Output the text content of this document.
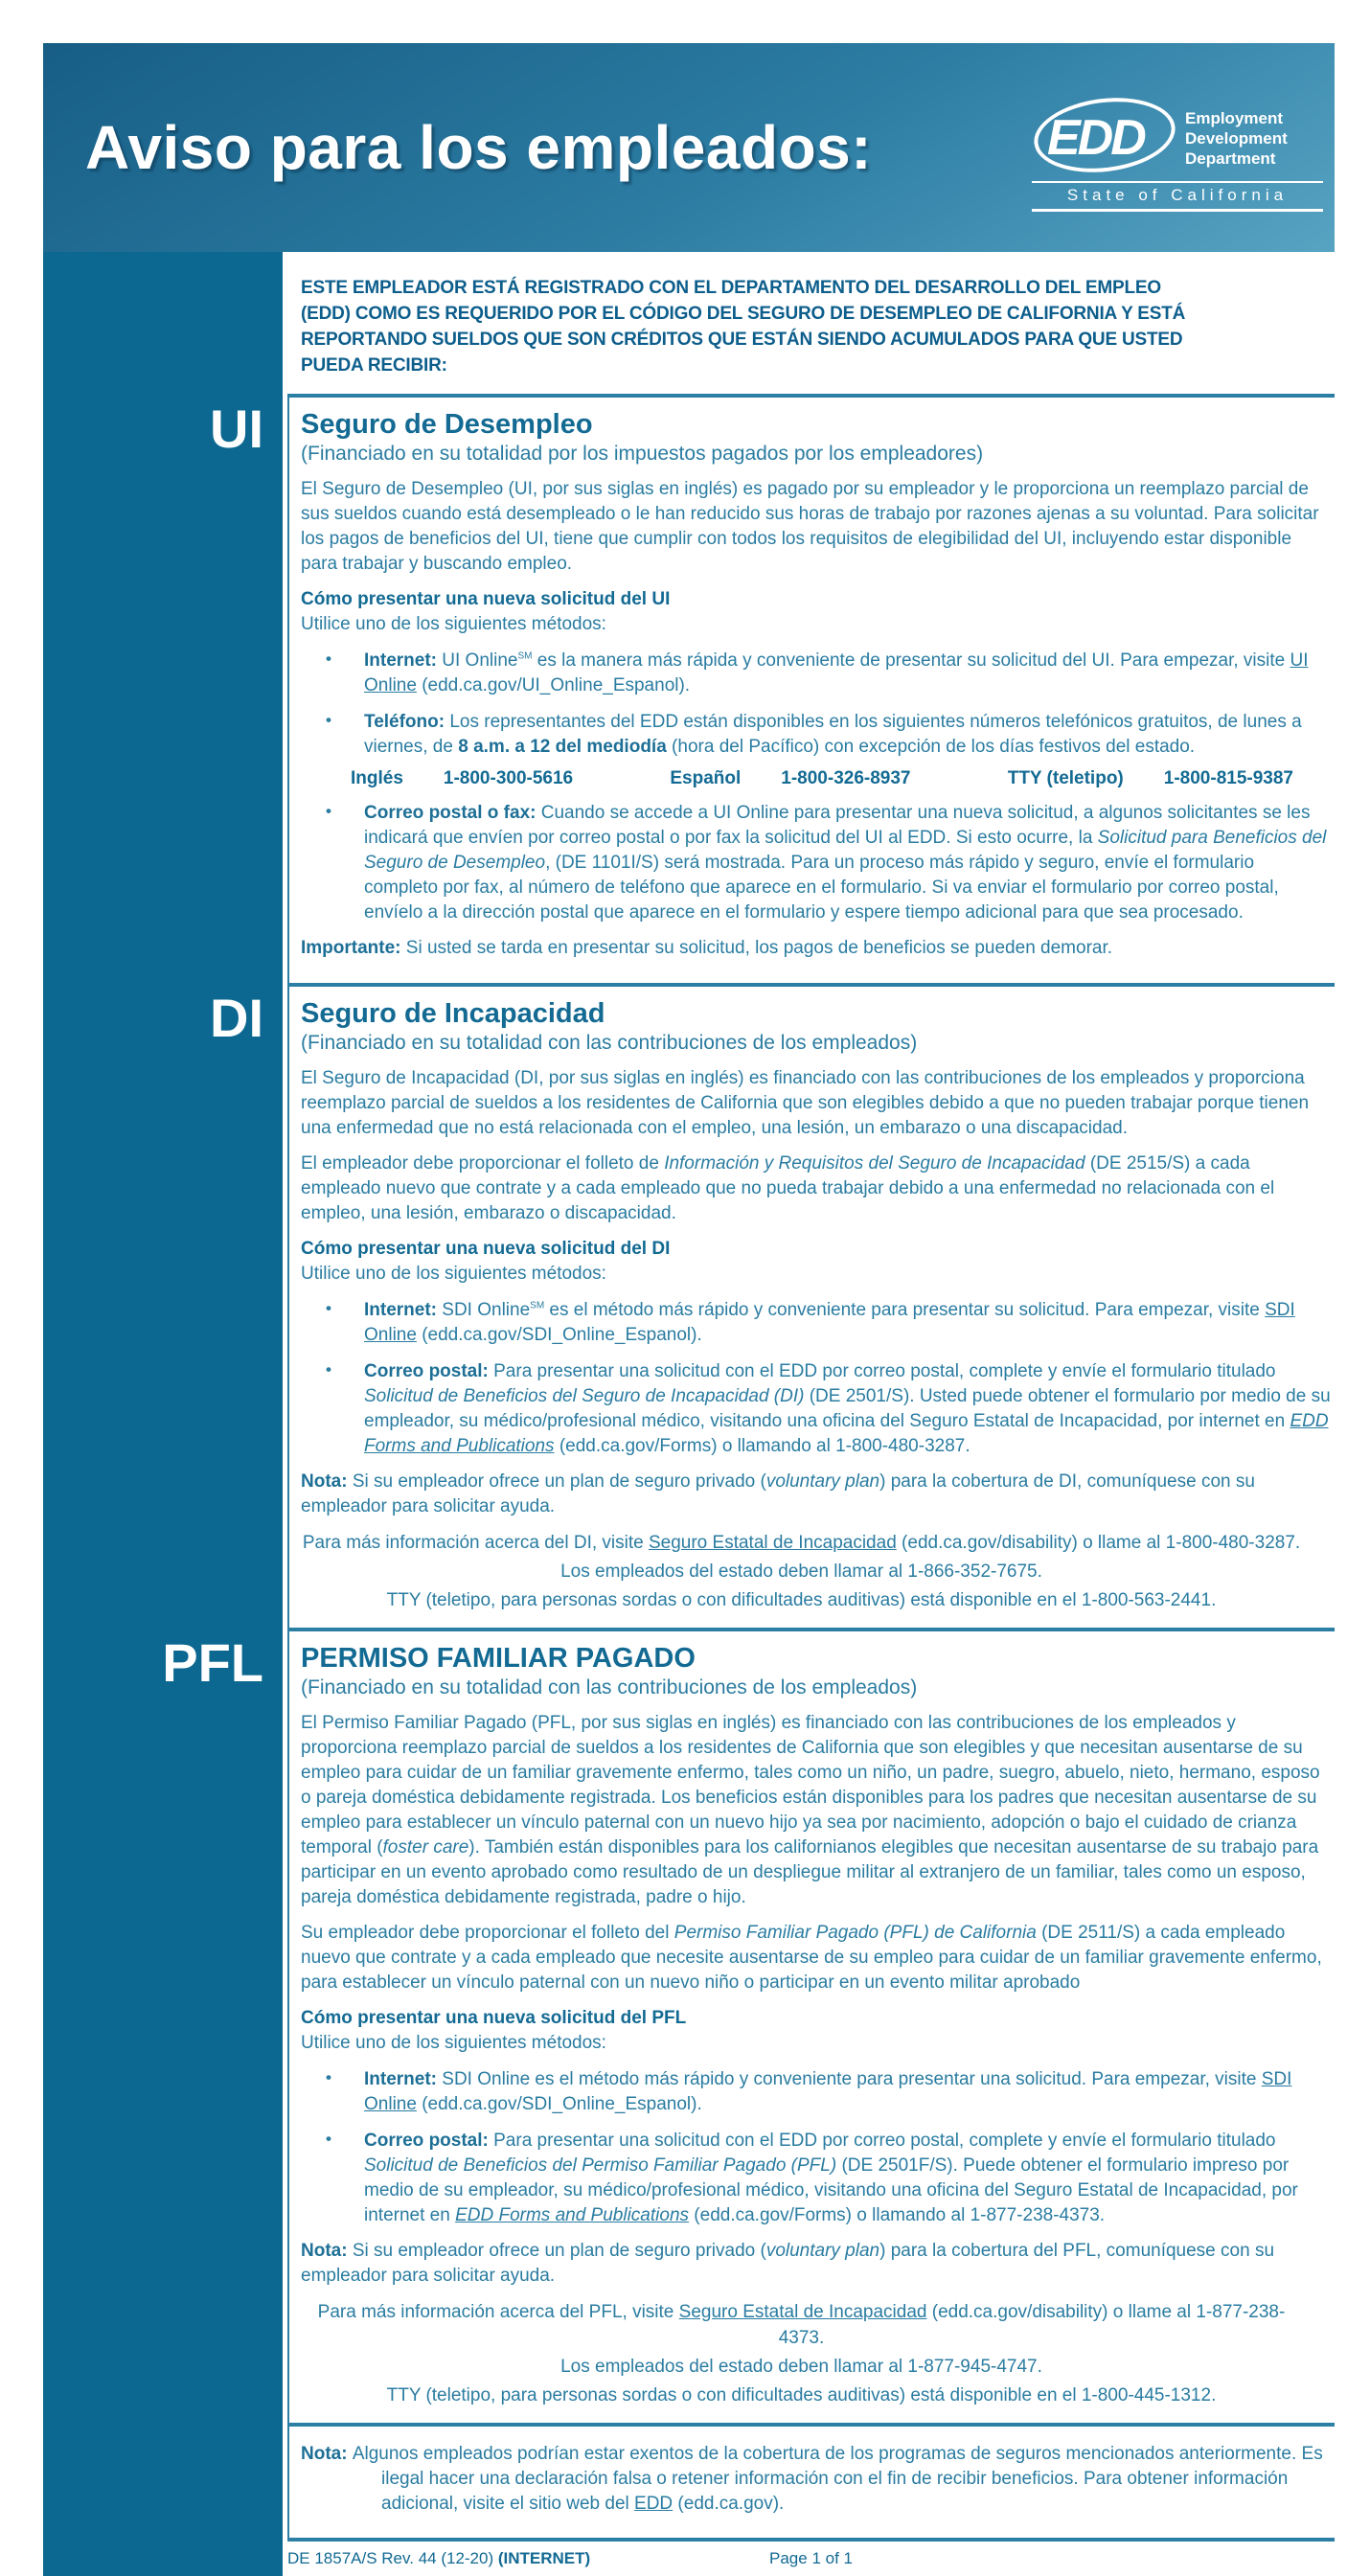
Aviso para los empleados:	EDD	Employment
Development
Department
State of California
ESTE EMPLEADOR ESTÁ REGISTRADO CON EL DEPARTAMENTO DEL DESARROLLO DEL EMPLEO (EDD) COMO ES REQUERIDO POR EL CÓDIGO DEL SEGURO DE DESEMPLEO DE CALIFORNIA Y ESTÁ REPORTANDO SUELDOS QUE SON CRÉDITOS QUE ESTÁN SIENDO ACUMULADOS PARA QUE USTED PUEDA RECIBIR:
UI Seguro de Desempleo
(Financiado en su totalidad por los impuestos pagados por los empleadores)
El Seguro de Desempleo (UI, por sus siglas en inglés) es pagado por su empleador y le proporciona un reemplazo parcial de sus sueldos cuando está desempleado o le han reducido sus horas de trabajo por razones ajenas a su voluntad. Para solicitar los pagos de beneficios del UI, tiene que cumplir con todos los requisitos de elegibilidad del UI, incluyendo estar disponible para trabajar y buscando empleo.
Cómo presentar una nueva solicitud del UI
Utilice uno de los siguientes métodos:
•	Internet: UI Online℠ es la manera más rápida y conveniente de presentar su solicitud del UI. Para empezar, visite UI Online (edd.ca.gov/UI_Online_Espanol).
•	Teléfono: Los representantes del EDD están disponibles en los siguientes números telefónicos gratuitos, de lunes a viernes, de 8 a.m. a 12 del mediodía (hora del Pacífico) con excepción de los días festivos del estado.
Inglés 1-800-300-5616	Español 1-800-326-8937	TTY (teletipo) 1-800-815-9387
•	Correo postal o fax: Cuando se accede a UI Online para presentar una nueva solicitud, a algunos solicitantes se les indicará que envíen por correo postal o por fax la solicitud del UI al EDD. Si esto ocurre, la Solicitud para Beneficios del Seguro de Desempleo, (DE 1101I/S) será mostrada. Para un proceso más rápido y seguro, envíe el formulario completo por fax, al número de teléfono que aparece en el formulario. Si va enviar el formulario por correo postal, envíelo a la dirección postal que aparece en el formulario y espere tiempo adicional para que sea procesado.
Importante: Si usted se tarda en presentar su solicitud, los pagos de beneficios se pueden demorar.
DI Seguro de Incapacidad
(Financiado en su totalidad con las contribuciones de los empleados)
El Seguro de Incapacidad (DI, por sus siglas en inglés) es financiado con las contribuciones de los empleados y proporciona reemplazo parcial de sueldos a los residentes de California que son elegibles debido a que no pueden trabajar porque tienen una enfermedad que no está relacionada con el empleo, una lesión, un embarazo o una discapacidad.
El empleador debe proporcionar el folleto de Información y Requisitos del Seguro de Incapacidad (DE 2515/S) a cada empleado nuevo que contrate y a cada empleado que no pueda trabajar debido a una enfermedad no relacionada con el empleo, una lesión, embarazo o discapacidad.
Cómo presentar una nueva solicitud del DI
Utilice uno de los siguientes métodos:
•	Internet: SDI Online℠ es el método más rápido y conveniente para presentar su solicitud. Para empezar, visite SDI Online (edd.ca.gov/SDI_Online_Espanol).
•	Correo postal: Para presentar una solicitud con el EDD por correo postal, complete y envíe el formulario titulado Solicitud de Beneficios del Seguro de Incapacidad (DI) (DE 2501/S). Usted puede obtener el formulario por medio de su empleador, su médico/profesional médico, visitando una oficina del Seguro Estatal de Incapacidad, por internet en EDD Forms and Publications (edd.ca.gov/Forms) o llamando al 1-800-480-3287.
Nota: Si su empleador ofrece un plan de seguro privado (voluntary plan) para la cobertura de DI, comuníquese con su empleador para solicitar ayuda.
Para más información acerca del DI, visite Seguro Estatal de Incapacidad (edd.ca.gov/disability) o llame al 1-800-480-3287.
Los empleados del estado deben llamar al 1-866-352-7675.
TTY (teletipo, para personas sordas o con dificultades auditivas) está disponible en el 1-800-563-2441.
PFL PERMISO FAMILIAR PAGADO
(Financiado en su totalidad con las contribuciones de los empleados)
El Permiso Familiar Pagado (PFL, por sus siglas en inglés) es financiado con las contribuciones de los empleados y proporciona reemplazo parcial de sueldos a los residentes de California que son elegibles y que necesitan ausentarse de su empleo para cuidar de un familiar gravemente enfermo, tales como un niño, un padre, suegro, abuelo, nieto, hermano, esposo o pareja doméstica debidamente registrada. Los beneficios están disponibles para los padres que necesitan ausentarse de su empleo para establecer un vínculo paternal con un nuevo hijo ya sea por nacimiento, adopción o bajo el cuidado de crianza temporal (foster care). También están disponibles para los californianos elegibles que necesitan ausentarse de su trabajo para participar en un evento aprobado como resultado de un despliegue militar al extranjero de un familiar, tales como un esposo, pareja doméstica debidamente registrada, padre o hijo.
Su empleador debe proporcionar el folleto del Permiso Familiar Pagado (PFL) de California (DE 2511/S) a cada empleado nuevo que contrate y a cada empleado que necesite ausentarse de su empleo para cuidar de un familiar gravemente enfermo, para establecer un vínculo paternal con un nuevo niño o participar en un evento militar aprobado
Cómo presentar una nueva solicitud del PFL
Utilice uno de los siguientes métodos:
•	Internet: SDI Online es el método más rápido y conveniente para presentar una solicitud. Para empezar, visite SDI Online (edd.ca.gov/SDI_Online_Espanol).
•	Correo postal: Para presentar una solicitud con el EDD por correo postal, complete y envíe el formulario titulado Solicitud de Beneficios del Permiso Familiar Pagado (PFL) (DE 2501F/S). Puede obtener el formulario impreso por medio de su empleador, su médico/profesional médico, visitando una oficina del Seguro Estatal de Incapacidad, por internet en EDD Forms and Publications (edd.ca.gov/Forms) o llamando al 1-877-238-4373.
Nota: Si su empleador ofrece un plan de seguro privado (voluntary plan) para la cobertura del PFL, comuníquese con su empleador para solicitar ayuda.
Para más información acerca del PFL, visite Seguro Estatal de Incapacidad (edd.ca.gov/disability) o llame al 1-877-238-4373.
Los empleados del estado deben llamar al 1-877-945-4747.
TTY (teletipo, para personas sordas o con dificultades auditivas) está disponible en el 1-800-445-1312.
Nota: Algunos empleados podrían estar exentos de la cobertura de los programas de seguros mencionados anteriormente. Es ilegal hacer una declaración falsa o retener información con el fin de recibir beneficios. Para obtener información adicional, visite el sitio web del EDD (edd.ca.gov).
DE 1857A/S Rev. 44 (12-20) (INTERNET)	Page 1 of 1
